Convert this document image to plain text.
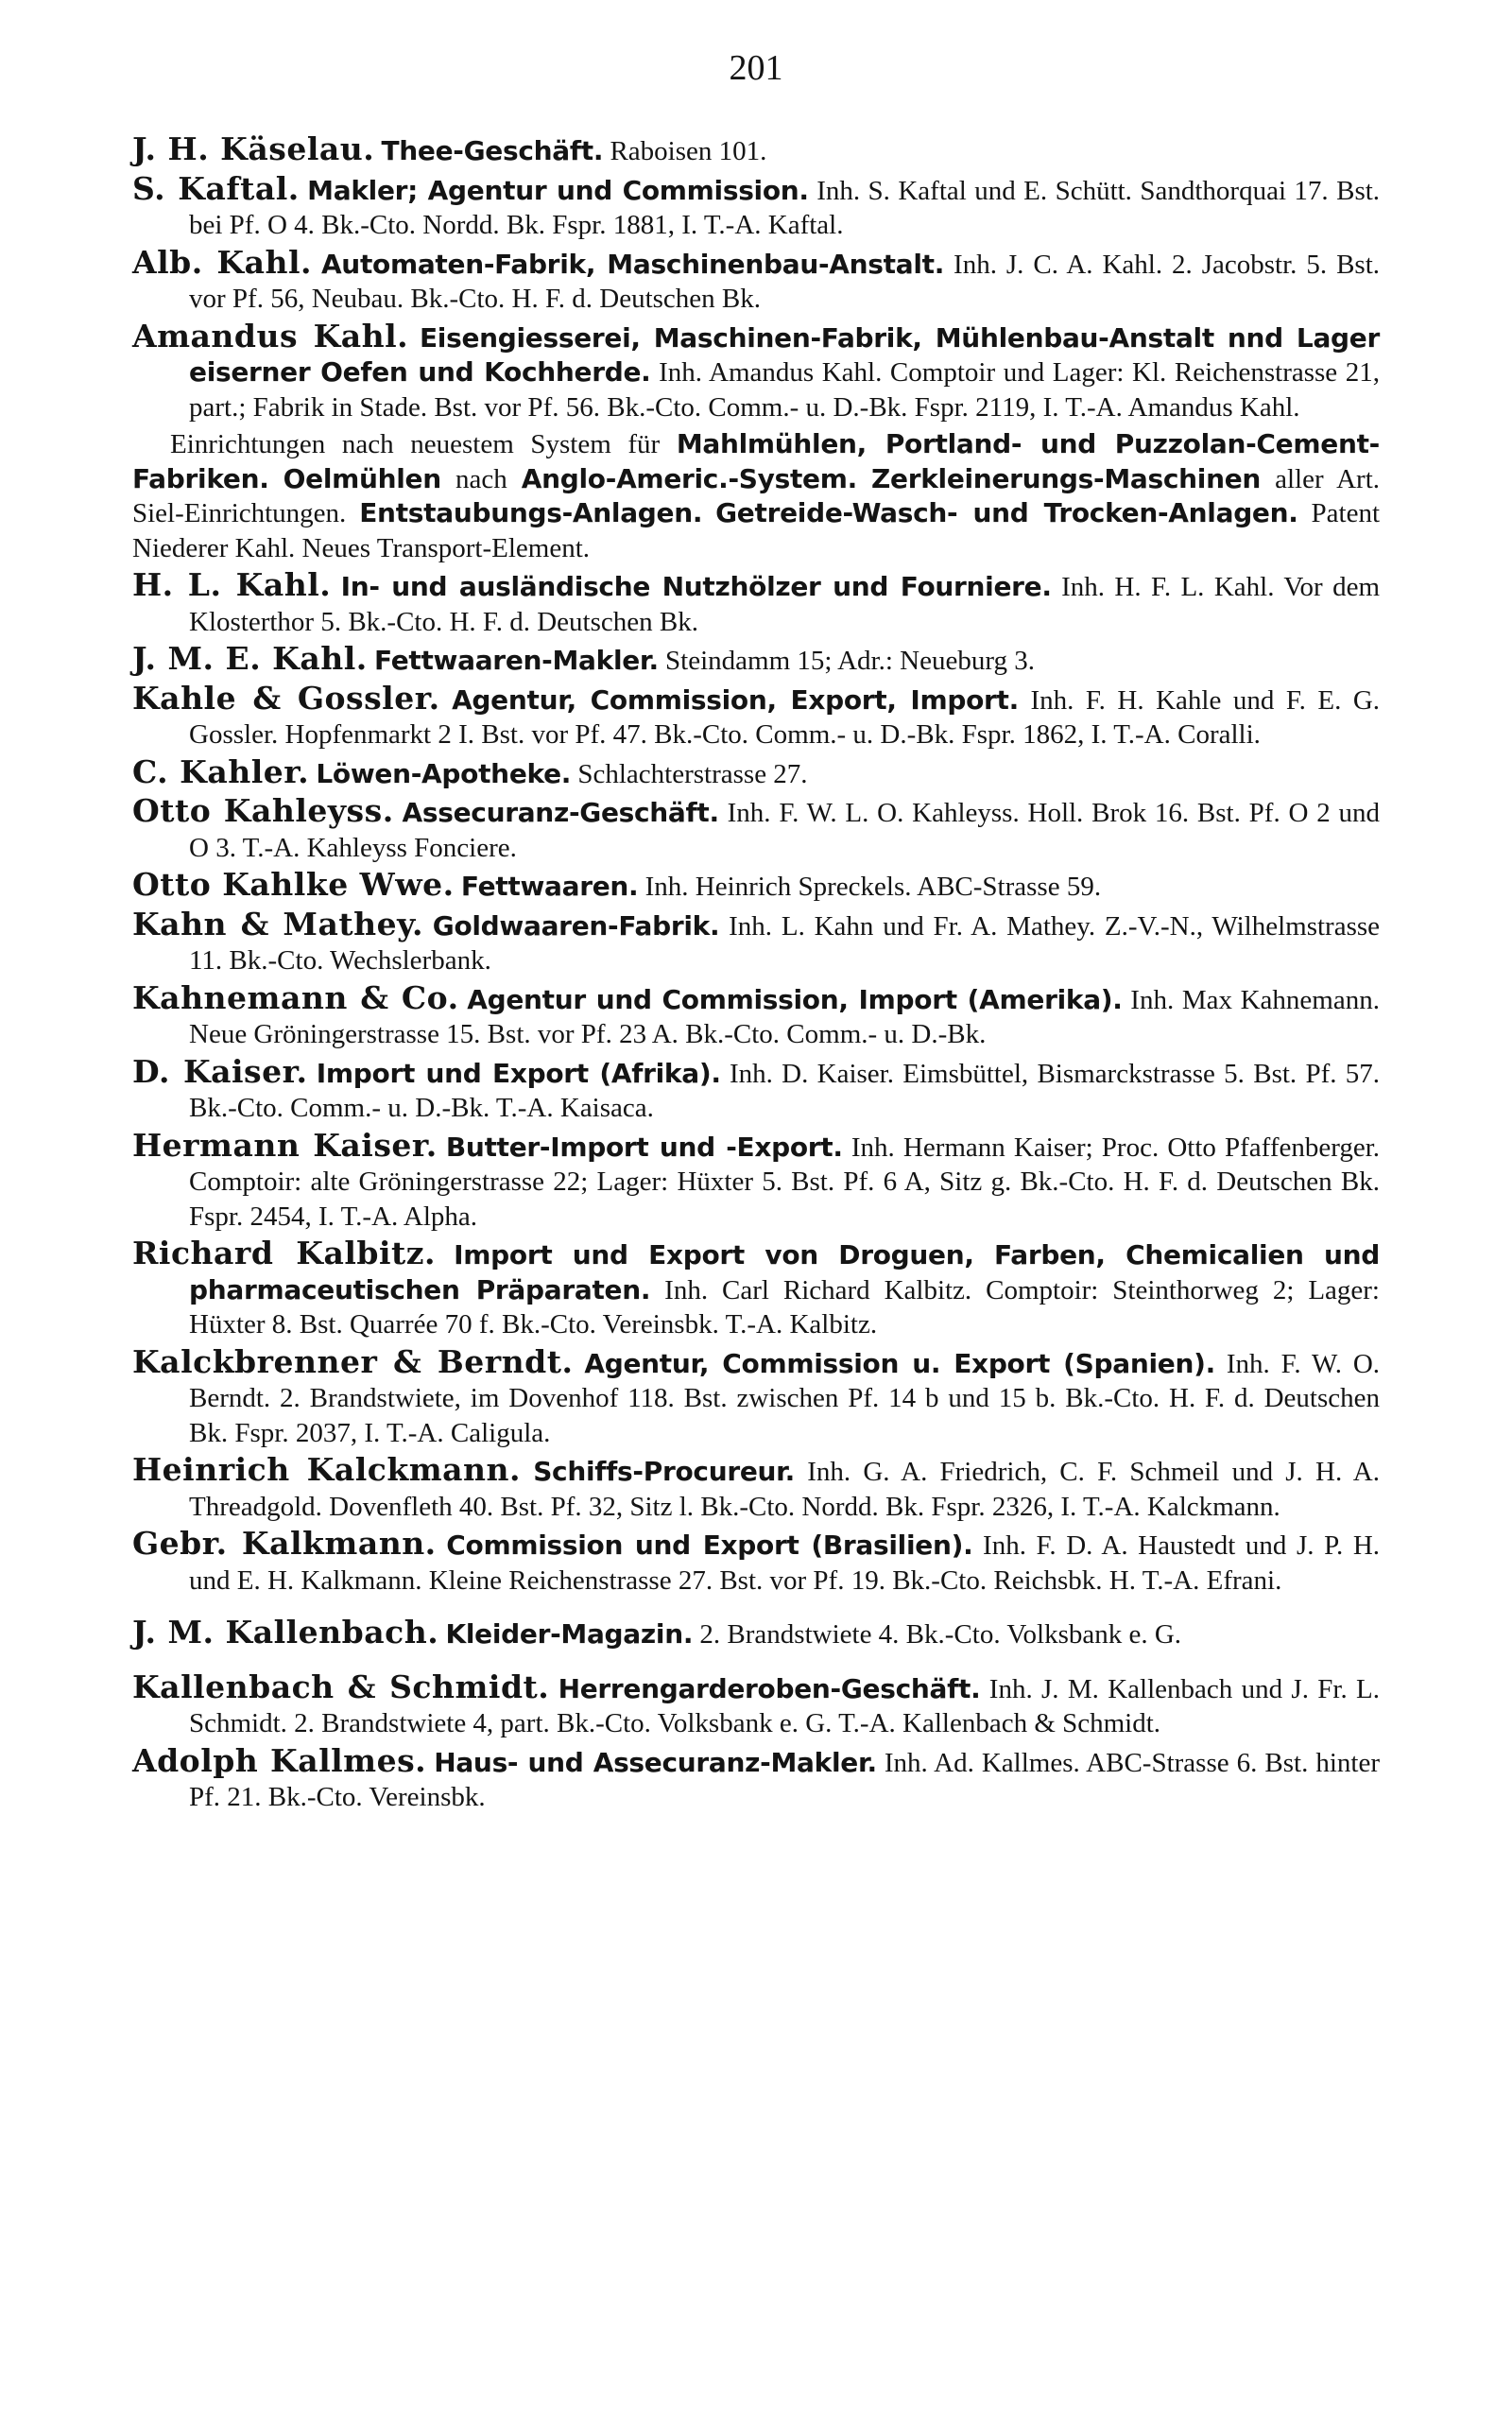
201

J. H. Käselau. Thee-Geschäft. Raboisen 101.

S. Kaftal. Makler; Agentur und Commission. Inh. S. Kaftal und E. Schütt. Sandthorquai 17. Bst. bei Pf. O 4. Bk.-Cto. Nordd. Bk. Fspr. 1881, I. T.-A. Kaftal.

Alb. Kahl. Automaten-Fabrik, Maschinenbau-Anstalt. Inh. J. C. A. Kahl. 2. Jacobstr. 5. Bst. vor Pf. 56, Neubau. Bk.-Cto. H. F. d. Deutschen Bk.

Amandus Kahl. Eisengiesserei, Maschinen-Fabrik, Mühlenbau-Anstalt nnd Lager eiserner Oefen und Kochherde. Inh. Amandus Kahl. Comptoir und Lager: Kl. Reichenstrasse 21, part.; Fabrik in Stade. Bst. vor Pf. 56. Bk.-Cto. Comm.- u. D.-Bk. Fspr. 2119, I. T.-A. Amandus Kahl.

Einrichtungen nach neuestem System für Mahlmühlen, Portland- und Puzzolan-Cement-Fabriken. Oelmühlen nach Anglo-Americ.-System. Zerkleinerungs-Maschinen aller Art. Siel-Einrichtungen. Entstaubungs-Anlagen. Getreide-Wasch- und Trocken-Anlagen. Patent Niederer Kahl. Neues Transport-Element.

H. L. Kahl. In- und ausländische Nutzhölzer und Fourniere. Inh. H. F. L. Kahl. Vor dem Klosterthor 5. Bk.-Cto. H. F. d. Deutschen Bk.

J. M. E. Kahl. Fettwaaren-Makler. Steindamm 15; Adr.: Neueburg 3.

Kahle & Gossler. Agentur, Commission, Export, Import. Inh. F. H. Kahle und F. E. G. Gossler. Hopfenmarkt 2 I. Bst. vor Pf. 47. Bk.-Cto. Comm.- u. D.-Bk. Fspr. 1862, I. T.-A. Coralli.

C. Kahler. Löwen-Apotheke. Schlachterstrasse 27.

Otto Kahleyss. Assecuranz-Geschäft. Inh. F. W. L. O. Kahleyss. Holl. Brok 16. Bst. Pf. O 2 und O 3. T.-A. Kahleyss Fonciere.

Otto Kahlke Wwe. Fettwaaren. Inh. Heinrich Spreckels. ABC-Strasse 59.

Kahn & Mathey. Goldwaaren-Fabrik. Inh. L. Kahn und Fr. A. Mathey. Z.-V.-N., Wilhelmstrasse 11. Bk.-Cto. Wechslerbank.

Kahnemann & Co. Agentur und Commission, Import (Amerika). Inh. Max Kahnemann. Neue Gröningerstrasse 15. Bst. vor Pf. 23 A. Bk.-Cto. Comm.- u. D.-Bk.

D. Kaiser. Import und Export (Afrika). Inh. D. Kaiser. Eimsbüttel, Bismarckstrasse 5. Bst. Pf. 57. Bk.-Cto. Comm.- u. D.-Bk. T.-A. Kaisaca.

Hermann Kaiser. Butter-Import und -Export. Inh. Hermann Kaiser; Proc. Otto Pfaffenberger. Comptoir: alte Gröningerstrasse 22; Lager: Hüxter 5. Bst. Pf. 6 A, Sitz g. Bk.-Cto. H. F. d. Deutschen Bk. Fspr. 2454, I. T.-A. Alpha.

Richard Kalbitz. Import und Export von Droguen, Farben, Chemicalien und pharmaceutischen Präparaten. Inh. Carl Richard Kalbitz. Comptoir: Steinthorweg 2; Lager: Hüxter 8. Bst. Quarrée 70 f. Bk.-Cto. Vereinsbk. T.-A. Kalbitz.

Kalckbrenner & Berndt. Agentur, Commission u. Export (Spanien). Inh. F. W. O. Berndt. 2. Brandstwiete, im Dovenhof 118. Bst. zwischen Pf. 14 b und 15 b. Bk.-Cto. H. F. d. Deutschen Bk. Fspr. 2037, I. T.-A. Caligula.

Heinrich Kalckmann. Schiffs-Procureur. Inh. G. A. Friedrich, C. F. Schmeil und J. H. A. Threadgold. Dovenfleth 40. Bst. Pf. 32, Sitz l. Bk.-Cto. Nordd. Bk. Fspr. 2326, I. T.-A. Kalckmann.

Gebr. Kalkmann. Commission und Export (Brasilien). Inh. F. D. A. Haustedt und J. P. H. und E. H. Kalkmann. Kleine Reichenstrasse 27. Bst. vor Pf. 19. Bk.-Cto. Reichsbk. H. T.-A. Efrani.

J. M. Kallenbach. Kleider-Magazin. 2. Brandstwiete 4. Bk.-Cto. Volksbank e. G.

Kallenbach & Schmidt. Herrengarderoben-Geschäft. Inh. J. M. Kallenbach und J. Fr. L. Schmidt. 2. Brandstwiete 4, part. Bk.-Cto. Volksbank e. G. T.-A. Kallenbach & Schmidt.

Adolph Kallmes. Haus- und Assecuranz-Makler. Inh. Ad. Kallmes. ABC-Strasse 6. Bst. hinter Pf. 21. Bk.-Cto. Vereinsbk.
